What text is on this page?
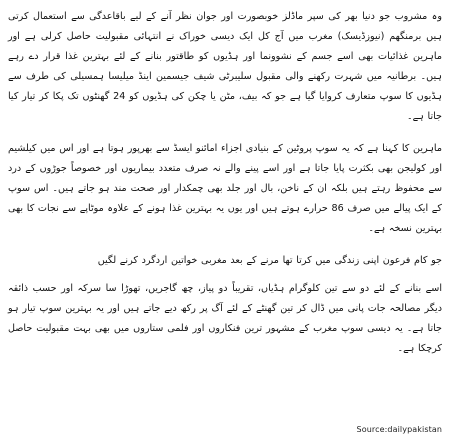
وہ مشروب جو دنیا بھر کی سپر ماڈلز خوبصورت اور جوان نظر آنے کے لیے باقاعدگی سے استعمال کرتی ہیں برمنگھم (نیوزڈیسک) مغرب میں آج کل ایک دیسی خوراک نے انتہائی مقبولیت حاصل کرلی ہے اور ماہرین غذائیات بھی اسے جسم کے نشوونما اور ہڈیوں کو طاقتور بنانے کے لئے بہترین غذا قرار دے رہے ہیں۔ برطانیہ میں شہرت رکھنے والی مقبول سلیبرٹی شیف جیسمین اینڈ میلیسا ہمسیلی کی طرف سے ہڈیوں کا سوپ متعارف کروایا گیا ہے جو کہ بیف، مٹن یا چکن کی ہڈیوں کو 24 گھنٹوں تک پکا کر تیار کیا جاتا ہے۔

ماہرین کا کہنا ہے کہ یہ سوپ پروٹین کے بنیادی اجزاء امائنو ایسڈ سے بھرپور ہوتا ہے اور اس میں کیلشیم اور کولیجن بھی بکثرت پایا جاتا ہے اور اسے پینے والے نہ صرف متعدد بیماریوں اور خصوصاً جوڑوں کے درد سے محفوظ رہتے ہیں بلکہ ان کے ناخن، بال اور جلد بھی چمکدار اور صحت مند ہو جاتے ہیں۔ اس سوپ کے ایک پیالے میں صرف 86 حرارے ہوتے ہیں اور یوں یہ بہترین غذا ہونے کے علاوہ موٹاپے سے نجات کا بھی بہترین نسخہ ہے۔

جو کام فرعون اپنی زندگی میں کرتا تھا مرنے کے بعد مغربی خواتین اردگرد کرنے لگیں

اسے بنانے کے لئے دو سے تین کلوگرام ہڈیاں، تقریباً دو پیاز، چھ گاجریں، تھوڑا سا سرکہ اور حسب ذائقہ دیگر مصالحہ جات پانی میں ڈال کر تین گھنٹے کے لئے آگ پر رکھ دیے جاتے ہیں اور یہ بہترین سوپ تیار ہو جاتا ہے۔ یہ دیسی سوپ مغرب کے مشہور ترین فنکاروں اور فلمی ستاروں میں بھی بہت مقبولیت حاصل کرچکا ہے۔

Source:dailypakistan
